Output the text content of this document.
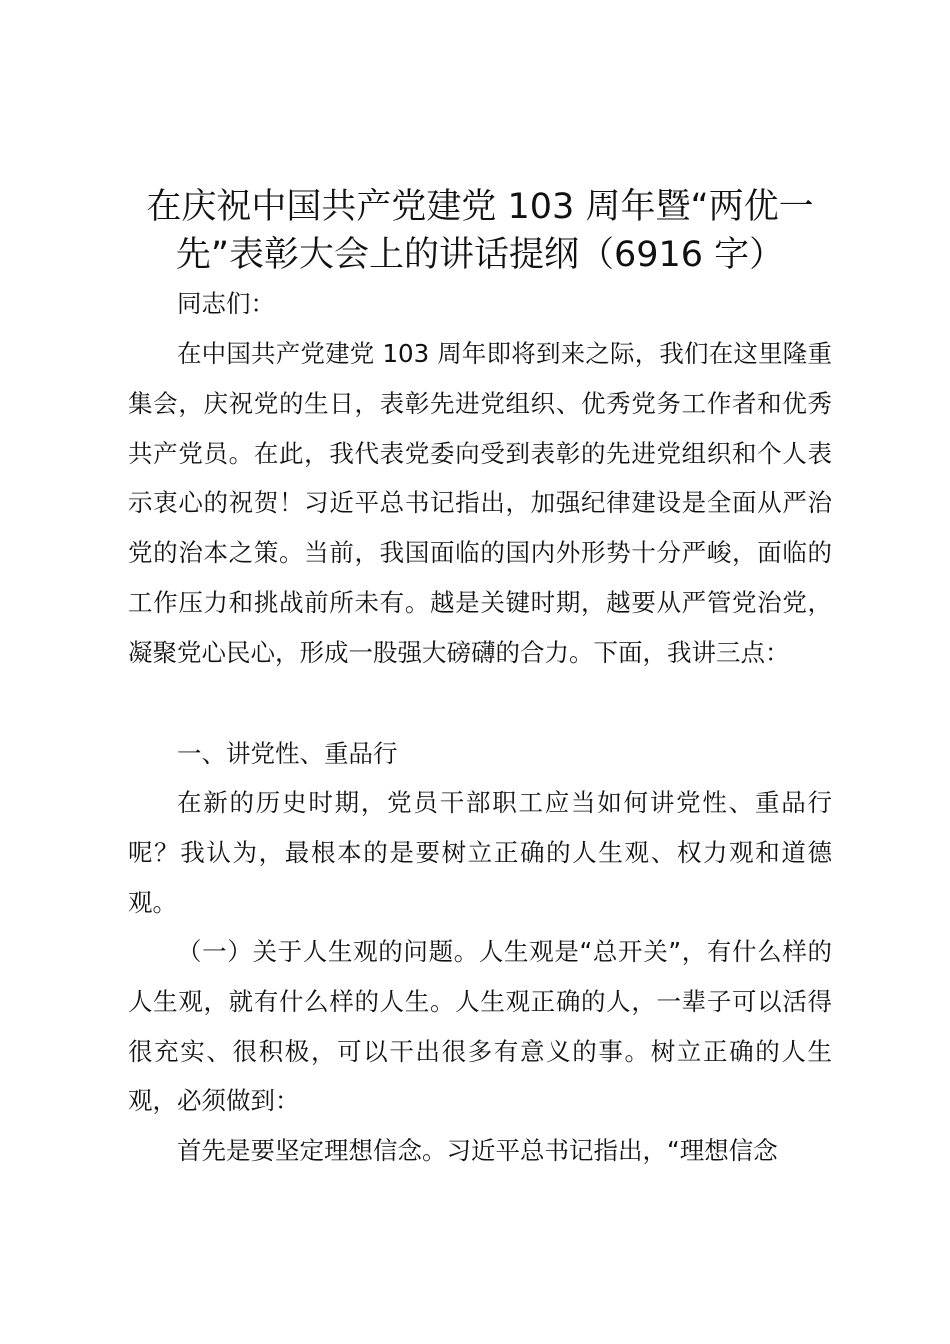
在庆祝中国共产党建党 103 周年暨“两优一
先”表彰大会上的讲话提纲（6916 字）

同志们：

在中国共产党建党 103 周年即将到来之际，我们在这里隆重集会，庆祝党的生日，表彰先进党组织、优秀党务工作者和优秀共产党员。在此，我代表党委向受到表彰的先进党组织和个人表示衷心的祝贺！习近平总书记指出，加强纪律建设是全面从严治党的治本之策。当前，我国面临的国内外形势十分严峻，面临的工作压力和挑战前所未有。越是关键时期，越要从严管党治党，凝聚党心民心，形成一股强大磅礴的合力。下面，我讲三点：

一、讲党性、重品行

在新的历史时期，党员干部职工应当如何讲党性、重品行呢？我认为，最根本的是要树立正确的人生观、权力观和道德观。

（一）关于人生观的问题。人生观是“总开关”，有什么样的人生观，就有什么样的人生。人生观正确的人，一辈子可以活得很充实、很积极，可以干出很多有意义的事。树立正确的人生观，必须做到：

首先是要坚定理想信念。习近平总书记指出，“理想信念
